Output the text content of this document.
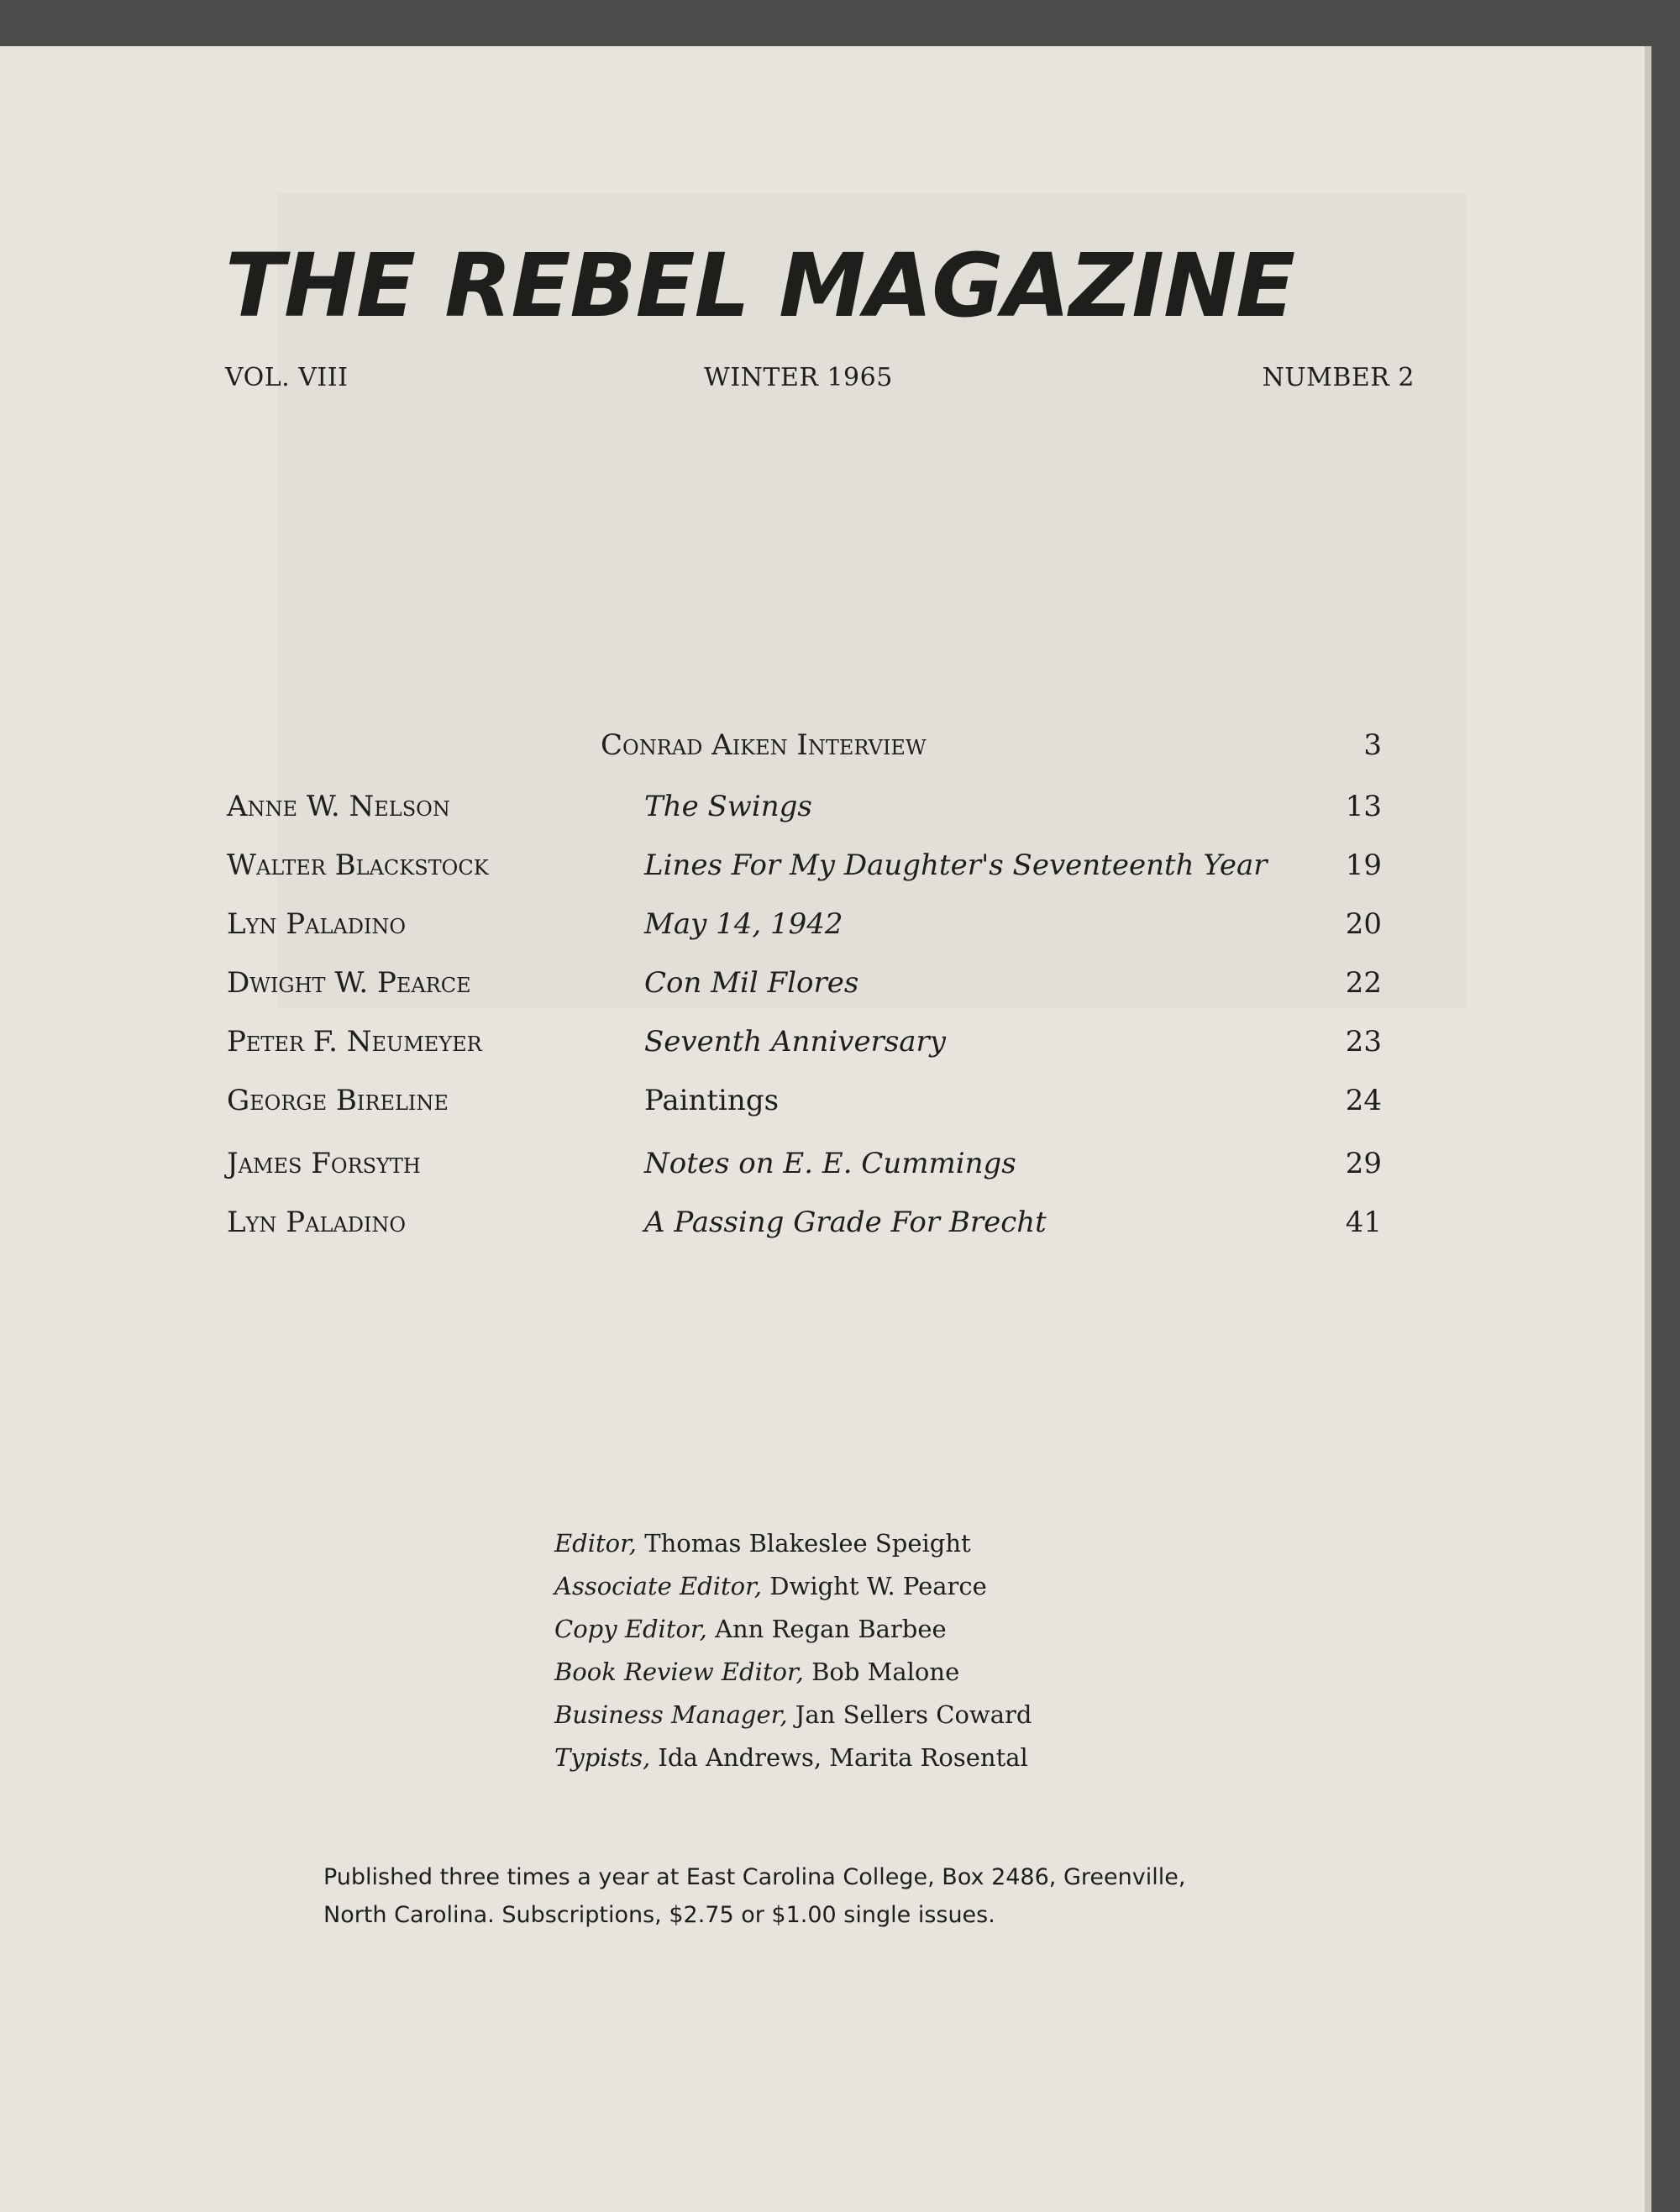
THE REBEL MAGAZINE
VOL. VIII	WINTER 1965	NUMBER 2
Conrad Aiken Interview	3
Anne W. Nelson	The Swings	13
Walter Blackstock	Lines For My Daughter's Seventeenth Year	19
Lyn Paladino	May 14, 1942	20
Dwight W. Pearce	Con Mil Flores	22
Peter F. Neumeyer	Seventh Anniversary	23
George Bireline	Paintings	24
James Forsyth	Notes on E. E. Cummings	29
Lyn Paladino	A Passing Grade For Brecht	41
Editor, Thomas Blakeslee Speight
Associate Editor, Dwight W. Pearce
Copy Editor, Ann Regan Barbee
Book Review Editor, Bob Malone
Business Manager, Jan Sellers Coward
Typists, Ida Andrews, Marita Rosental
Published three times a year at East Carolina College, Box 2486, Greenville,
North Carolina. Subscriptions, $2.75 or $1.00 single issues.
